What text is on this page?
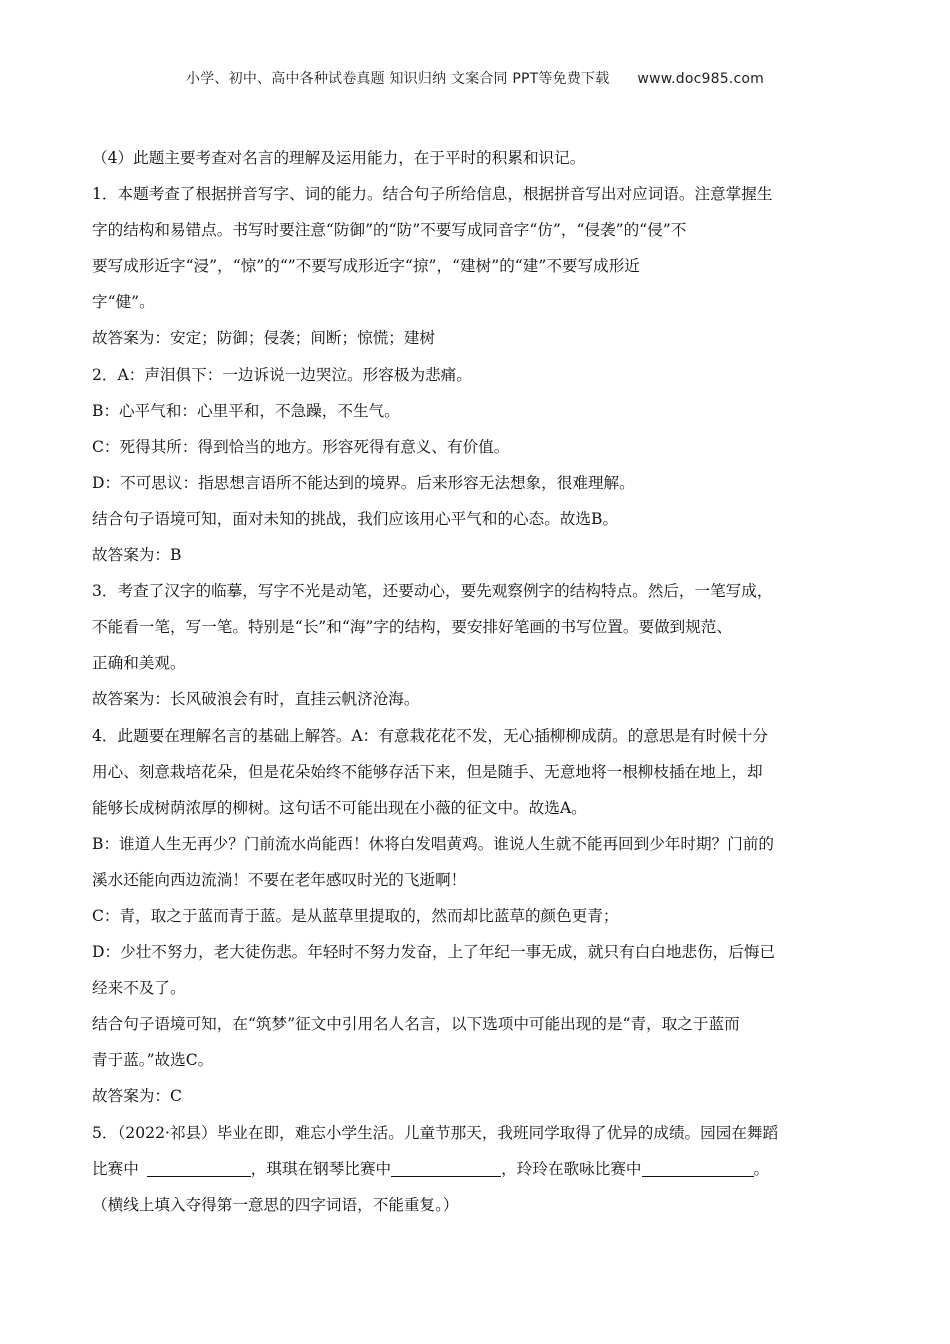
小学、初中、高中各种试卷真题 知识归纳 文案合同 PPT等免费下载 www.doc985.com

（4）此题主要考查对名言的理解及运用能力，在于平时的积累和识记。

1．本题考查了根据拼音写字、词的能力。结合句子所给信息，根据拼音写出对应词语。注意掌握生

字的结构和易错点。书写时要注意“防御”的“防”不要写成同音字“仿”，“侵袭”的“侵”不

要写成形近字“浸”，“惊”的“”不要写成形近字“掠”，“建树”的“建”不要写成形近

字“健”。

故答案为：安定；防御；侵袭；间断；惊慌；建树

2．A：声泪俱下：一边诉说一边哭泣。形容极为悲痛。

B：心平气和：心里平和，不急躁，不生气。

C：死得其所：得到恰当的地方。形容死得有意义、有价值。

D：不可思议：指思想言语所不能达到的境界。后来形容无法想象，很难理解。

结合句子语境可知，面对未知的挑战，我们应该用心平气和的心态。故选B。

故答案为：B

3．考查了汉字的临摹，写字不光是动笔，还要动心，要先观察例字的结构特点。然后，一笔写成，

不能看一笔，写一笔。特别是“长”和“海”字的结构，要安排好笔画的书写位置。要做到规范、

正确和美观。

故答案为：长风破浪会有时，直挂云帆济沧海。

4．此题要在理解名言的基础上解答。A：有意栽花花不发，无心插柳柳成荫。的意思是有时候十分

用心、刻意栽培花朵，但是花朵始终不能够存活下来，但是随手、无意地将一根柳枝插在地上，却

能够长成树荫浓厚的柳树。这句话不可能出现在小薇的征文中。故选A。

B：谁道人生无再少？门前流水尚能西！休将白发唱黄鸡。谁说人生就不能再回到少年时期？门前的

溪水还能向西边流淌！不要在老年感叹时光的飞逝啊！

C：青，取之于蓝而青于蓝。是从蓝草里提取的，然而却比蓝草的颜色更青；

D：少壮不努力，老大徒伤悲。年轻时不努力发奋，上了年纪一事无成，就只有白白地悲伤，后悔已

经来不及了。

结合句子语境可知，在“筑梦”征文中引用名人名言，以下选项中可能出现的是“青，取之于蓝而

青于蓝。”故选C。

故答案为：C

5．（2022·祁县）毕业在即，难忘小学生活。儿童节那天，我班同学取得了优异的成绩。园园在舞蹈

比赛中	，琪琪在钢琴比赛中	，玲玲在歌咏比赛中	。

（横线上填入夺得第一意思的四字词语，不能重复。）
